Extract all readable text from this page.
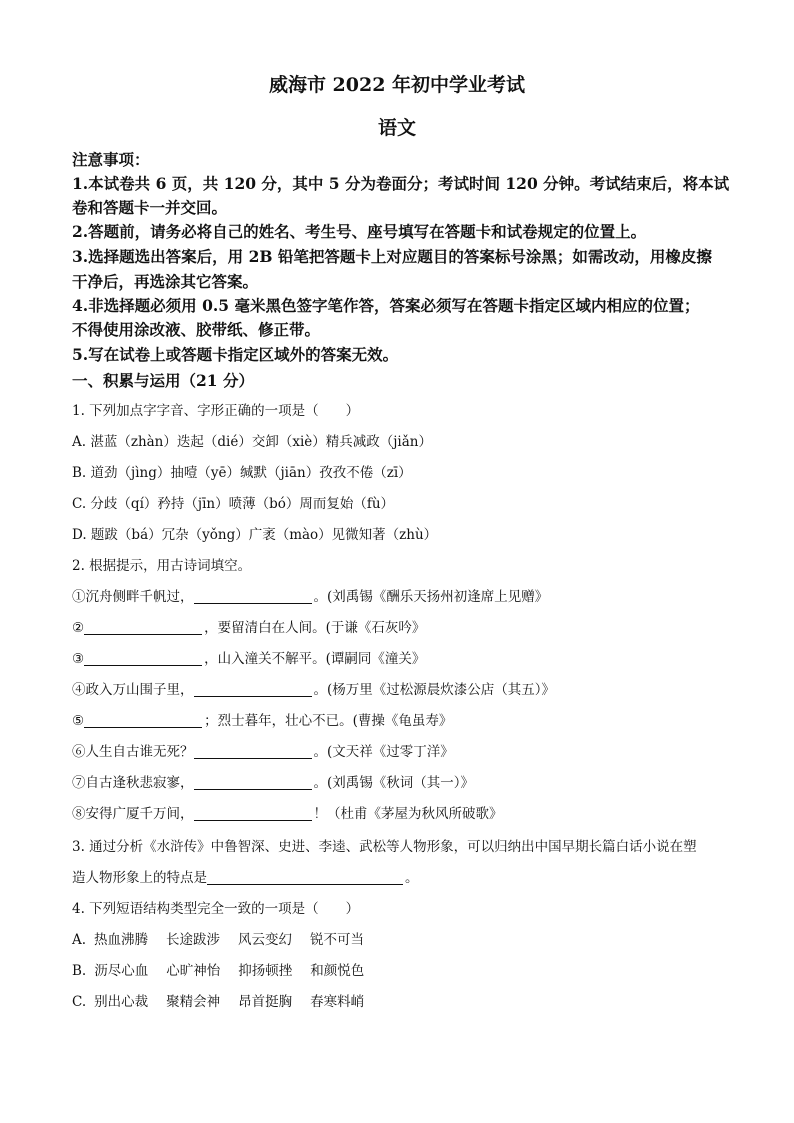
威海市 2022 年初中学业考试
语文
注意事项：
1.本试卷共 6 页，共 120 分，其中 5 分为卷面分；考试时间 120 分钟。考试结束后，将本试
卷和答题卡一并交回。
2.答题前，请务必将自己的姓名、考生号、座号填写在答题卡和试卷规定的位置上。
3.选择题选出答案后，用 2B 铅笔把答题卡上对应题目的答案标号涂黑；如需改动，用橡皮擦
干净后，再选涂其它答案。
4.非选择题必须用 0.5 毫米黑色签字笔作答，答案必须写在答题卡指定区域内相应的位置；
不得使用涂改液、胶带纸、修正带。
5.写在试卷上或答题卡指定区域外的答案无效。
一、积累与运用（21 分）
1. 下列加点字字音、字形正确的一项是（　　）
A. 湛蓝（zhàn）迭起（dié）交卸（xiè）精兵减政（jiǎn）
B. 道劲（jìng）抽噎（yē）缄默（jiān）孜孜不倦（zī）
C. 分歧（qí）矜持（jīn）喷薄（bó）周而复始（fù）
D. 题跋（bá）冗杂（yǒng）广袤（mào）见微知著（zhù）
2. 根据提示，用古诗词填空。
①沉舟侧畔千帆过，	。(刘禹锡《酬乐天扬州初逢席上见赠》
②	，要留清白在人间。(于谦《石灰吟》
③	，山入潼关不解平。(谭嗣同《潼关》
④政入万山围子里，	。(杨万里《过松源晨炊漆公店（其五）》
⑤	；烈士暮年，壮心不已。(曹操《龟虽寿》
⑥人生自古谁无死？	。(文天祥《过零丁洋》
⑦自古逢秋悲寂寥，	。(刘禹锡《秋词（其一）》
⑧安得广厦千万间，	！（杜甫《茅屋为秋风所破歌》
3. 通过分析《水浒传》中鲁智深、史进、李逵、武松等人物形象，可以归纳出中国早期长篇白话小说在塑
造人物形象上的特点是	。
4. 下列短语结构类型完全一致的一项是（　　）
A. 热血沸腾 长途跋涉 风云变幻 锐不可当
B. 沥尽心血 心旷神怡 抑扬顿挫 和颜悦色
C. 别出心裁 聚精会神 昂首挺胸 春寒料峭
